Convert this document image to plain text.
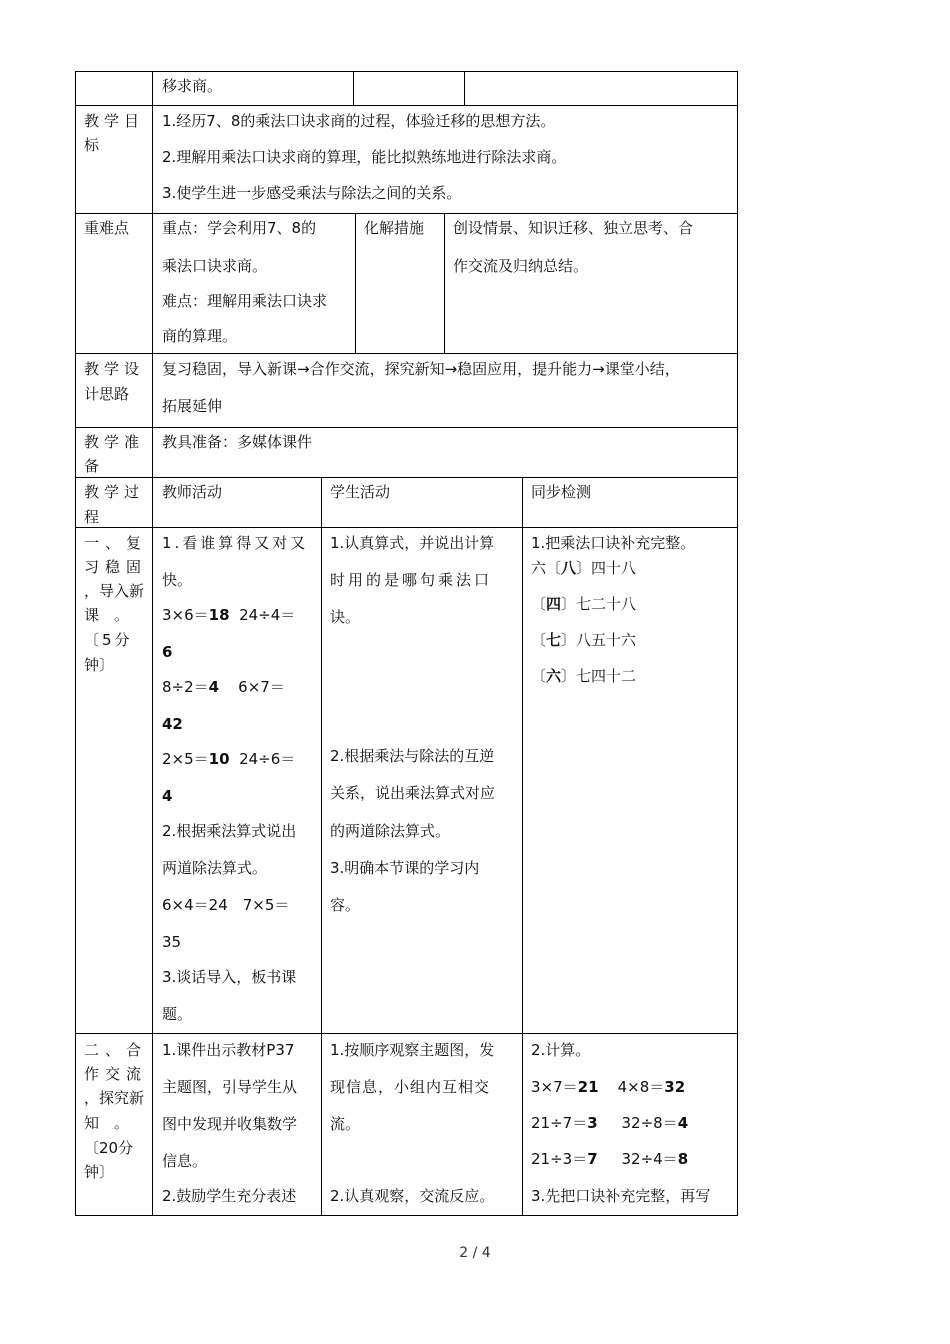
移求商。
教学目
标
1.经历7、8的乘法口诀求商的过程，体验迁移的思想方法。
2.理解用乘法口诀求商的算理，能比拟熟练地进行除法求商。
3.使学生进一步感受乘法与除法之间的关系。
重难点 重点：学会利用7、8的
乘法口诀求商。
难点：理解用乘法口诀求
商的算理。
化解措施 创设情景、知识迁移、独立思考、合
作交流及归纳总结。
教学设
计思路
复习稳固，导入新课→合作交流，探究新知→稳固应用，提升能力→课堂小结，
拓展延伸
教学准
备
教具准备：多媒体课件
教学过
程
教师活动	学生活动	同步检测
一、复
习稳固
，导入新
课　。
〔5分
钟〕
1.看谁算得又对又
快。
3×6＝18 24÷4＝
6
8÷2＝4 6×7＝
42
2×5＝10 24÷6＝
4
2.根据乘法算式说出
两道除法算式。
6×4＝24　7×5＝
35
3.谈话导入，板书课
题。
1.认真算式，并说出计算
时用的是哪句乘法口
诀。
2.根据乘法与除法的互逆
关系，说出乘法算式对应
的两道除法算式。
3.明确本节课的学习内
容。
1.把乘法口诀补充完整。
六〔八〕四十八
〔四〕七二十八
〔七〕八五十六
〔六〕七四十二
二、合
作交流
，探究新
知　。
〔20分
钟〕
1.课件出示教材P37
主题图，引导学生从
图中发现并收集数学
信息。
2.鼓励学生充分表述
1.按顺序观察主题图，发
现信息，小组内互相交
流。
2.认真观察，交流反应。
2.计算。
3×7＝21 4×8＝32
21÷7＝3 32÷8＝4
21÷3＝7 32÷4＝8
3.先把口诀补充完整，再写
2 / 4
